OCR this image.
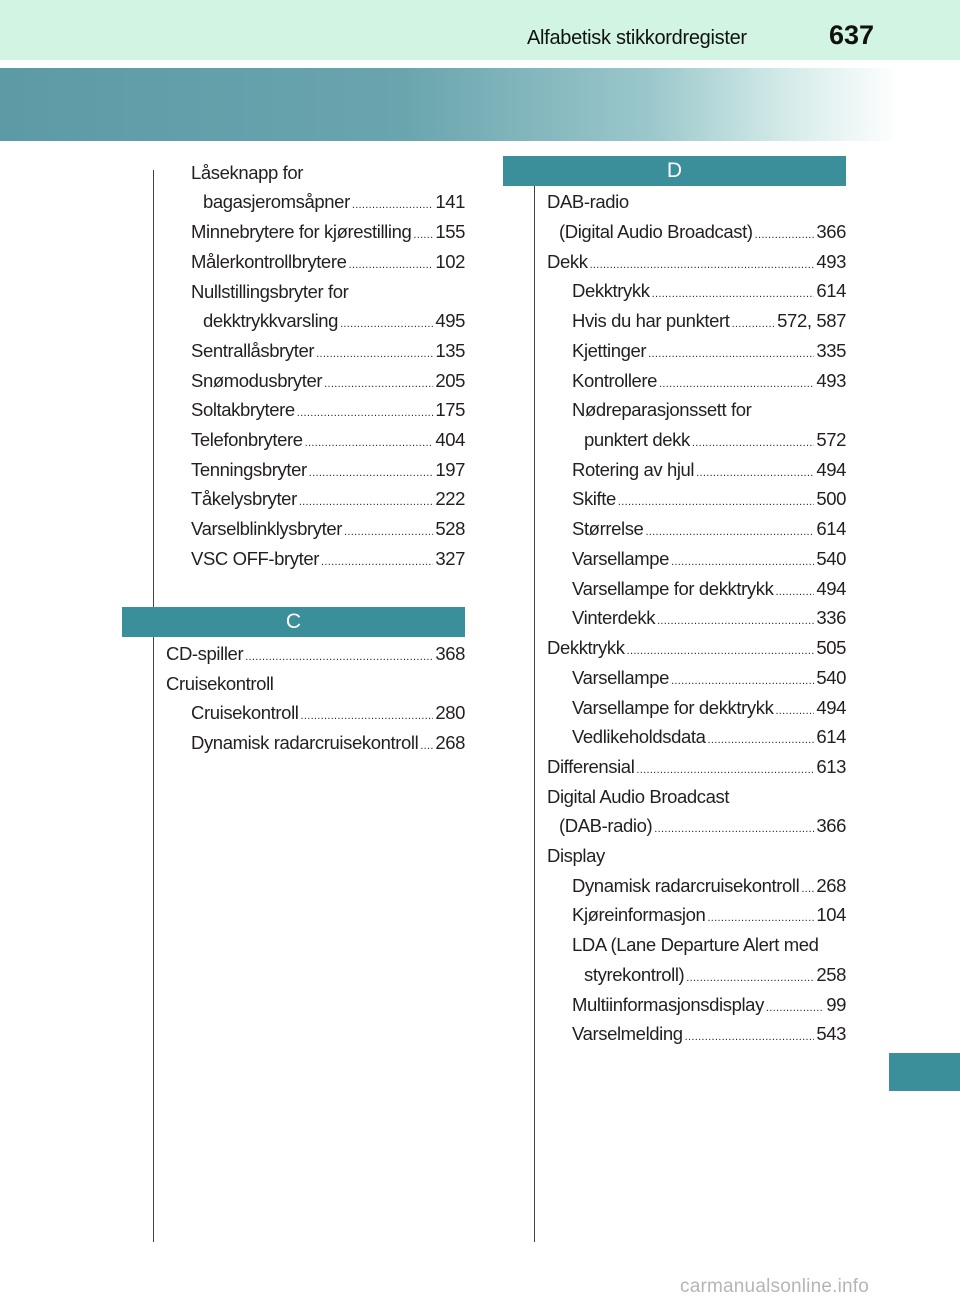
Alfabetisk stikkordregister	637
Låseknapp for
bagasjeromsåpner .....	141
Minnebrytere for kjørestilling ..... 155
Målerkontrollbrytere .....	102
Nullstillingsbryter for
dekktrykkvarsling .....	495
Sentrallåsbryter .....	135
Snømodusbryter .....	205
Soltakbrytere .....	175
Telefonbrytere .....	404
Tenningsbryter .....	197
Tåkelysbryter .....	222
Varselblinklysbryter .....	528
VSC OFF-bryter .....	327
C
CD-spiller .....	368
Cruisekontroll
Cruisekontroll .....	280
Dynamisk radarcruisekontroll ..... 268
D
DAB-radio
(Digital Audio Broadcast) .....	366
Dekk .....	493
Dekktrykk .....	614
Hvis du har punktert .....	572, 587
Kjettinger .....	335
Kontrollere .....	493
Nødreparasjonssett for
punktert dekk .....	572
Rotering av hjul .....	494
Skifte .....	500
Størrelse .....	614
Varsellampe .....	540
Varsellampe for dekktrykk ..... 494
Vinterdekk .....	336
Dekktrykk .....	505
Varsellampe .....	540
Varsellampe for dekktrykk ..... 494
Vedlikeholdsdata .....	614
Differensial .....	613
Digital Audio Broadcast
(DAB-radio) .....	366
Display
Dynamisk radarcruisekontroll ..... 268
Kjøreinformasjon .....	104
LDA (Lane Departure Alert med
styrekontroll) .....	258
Multiinformasjonsdisplay .....	99
Varselmelding .....	543
carmanualsonline.info
